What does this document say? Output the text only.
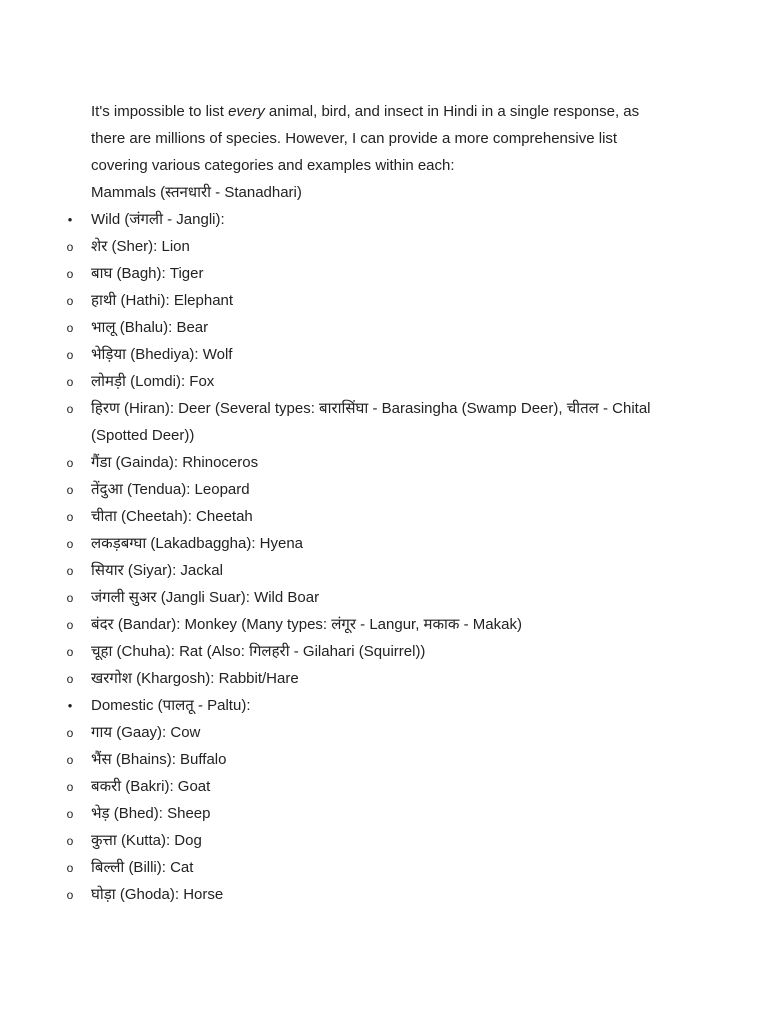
It's impossible to list every animal, bird, and insect in Hindi in a single response, as there are millions of species. However, I can provide a more comprehensive list covering various categories and examples within each:

Mammals (स्तनधारी - Stanadhari)
• Wild (जंगली - Jangli):
o शेर (Sher): Lion
o बाघ (Bagh): Tiger
o हाथी (Hathi): Elephant
o भालू (Bhalu): Bear
o भेड़िया (Bhediya): Wolf
o लोमड़ी (Lomdi): Fox
o हिरण (Hiran): Deer (Several types: बारासिंघा - Barasingha (Swamp Deer), चीतल - Chital (Spotted Deer))
o गैंडा (Gainda): Rhinoceros
o तेंदुआ (Tendua): Leopard
o चीता (Cheetah): Cheetah
o लकड़बग्घा (Lakadbaggha): Hyena
o सियार (Siyar): Jackal
o जंगली सुअर (Jangli Suar): Wild Boar
o बंदर (Bandar): Monkey (Many types: लंगूर - Langur, मकाक - Makak)
o चूहा (Chuha): Rat (Also: गिलहरी - Gilahari (Squirrel))
o खरगोश (Khargosh): Rabbit/Hare
• Domestic (पालतू - Paltu):
o गाय (Gaay): Cow
o भैंस (Bhains): Buffalo
o बकरी (Bakri): Goat
o भेड़ (Bhed): Sheep
o कुत्ता (Kutta): Dog
o बिल्ली (Billi): Cat
o घोड़ा (Ghoda): Horse
